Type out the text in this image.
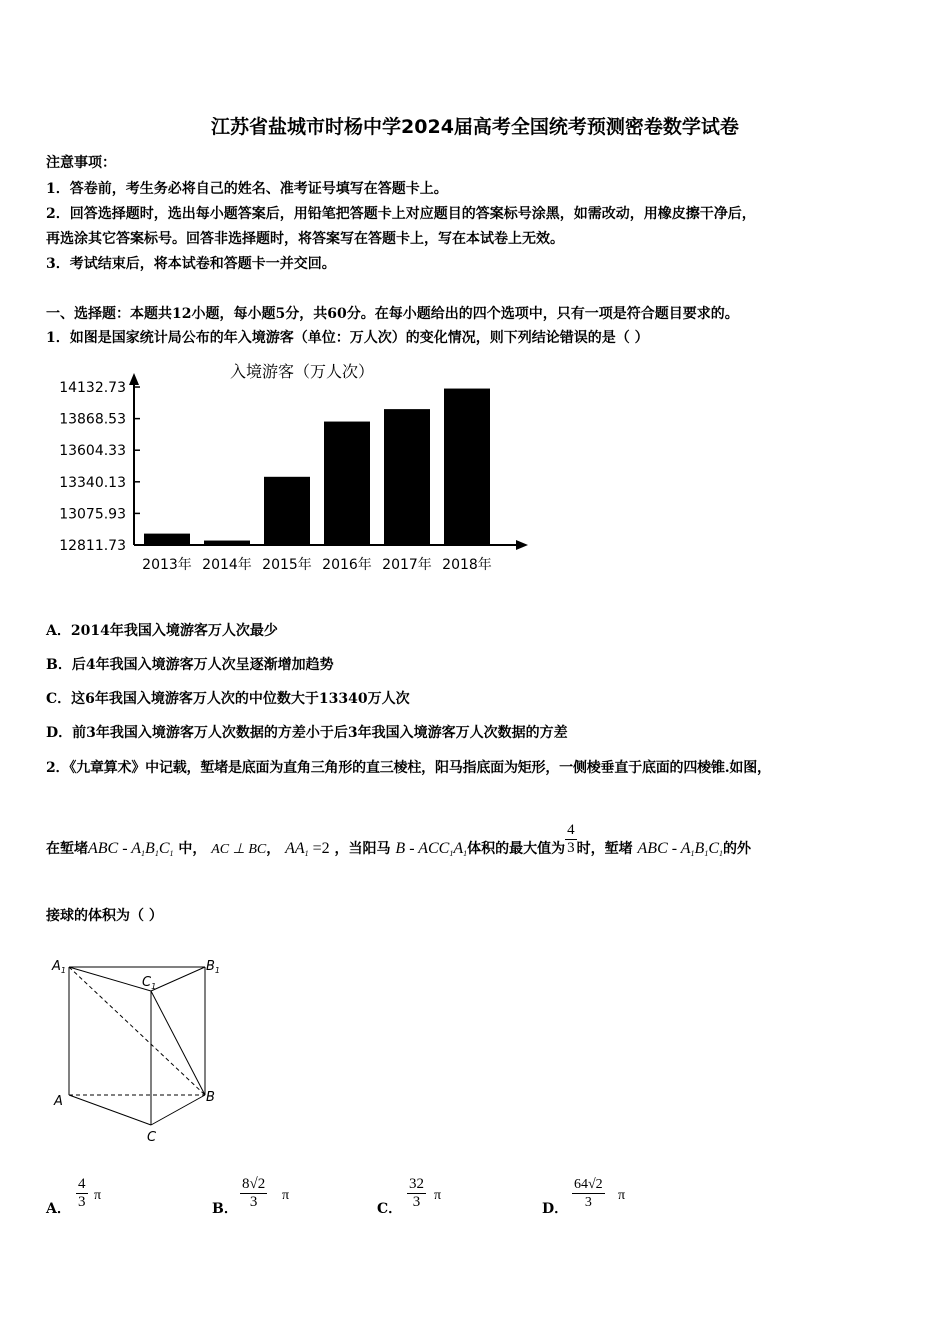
江苏省盐城市时杨中学2024届高考全国统考预测密卷数学试卷
注意事项：
1．答卷前，考生务必将自己的姓名、准考证号填写在答题卡上。
2．回答选择题时，选出每小题答案后，用铅笔把答题卡上对应题目的答案标号涂黑，如需改动，用橡皮擦干净后，
再选涂其它答案标号。回答非选择题时，将答案写在答题卡上，写在本试卷上无效。
3．考试结束后，将本试卷和答题卡一并交回。
一、选择题：本题共12小题，每小题5分，共60分。在每小题给出的四个选项中，只有一项是符合题目要求的。
1．如图是国家统计局公布的年入境游客（单位：万人次）的变化情况，则下列结论错误的是（ ）
入境游客（万人次）
12811.73
13075.93
13340.13
13604.33
13868.53
14132.73
2013年 2014年 2015年 2016年 2017年 2018年
A．2014年我国入境游客万人次最少
B．后4年我国入境游客万人次呈逐渐增加趋势
C．这6年我国入境游客万人次的中位数大于13340万人次
D．前3年我国入境游客万人次数据的方差小于后3年我国入境游客万人次数据的方差
2．《九章算术》中记载，堑堵是底面为直角三角形的直三棱柱，阳马指底面为矩形，一侧棱垂直于底面的四棱锥.如图，
在堑堵ABC - $A_1B_1C_1$ 中， AC ⊥ BC， $AA_1 =2$ ，当阳马 B - $ACC_1A_1$体积的最大值为 $\frac{4}{3}$ 时，堑堵 ABC - $A_1B_1C_1$的外
接球的体积为（ ）
$A_1$	$B_1$
$C_1$
A	B
C
A． $\frac{4}{3}$ π
B． $\frac{8√2}{3}$ π
C． $\frac{32}{3}$ π
D． $\frac{64√2}{3}$ π
